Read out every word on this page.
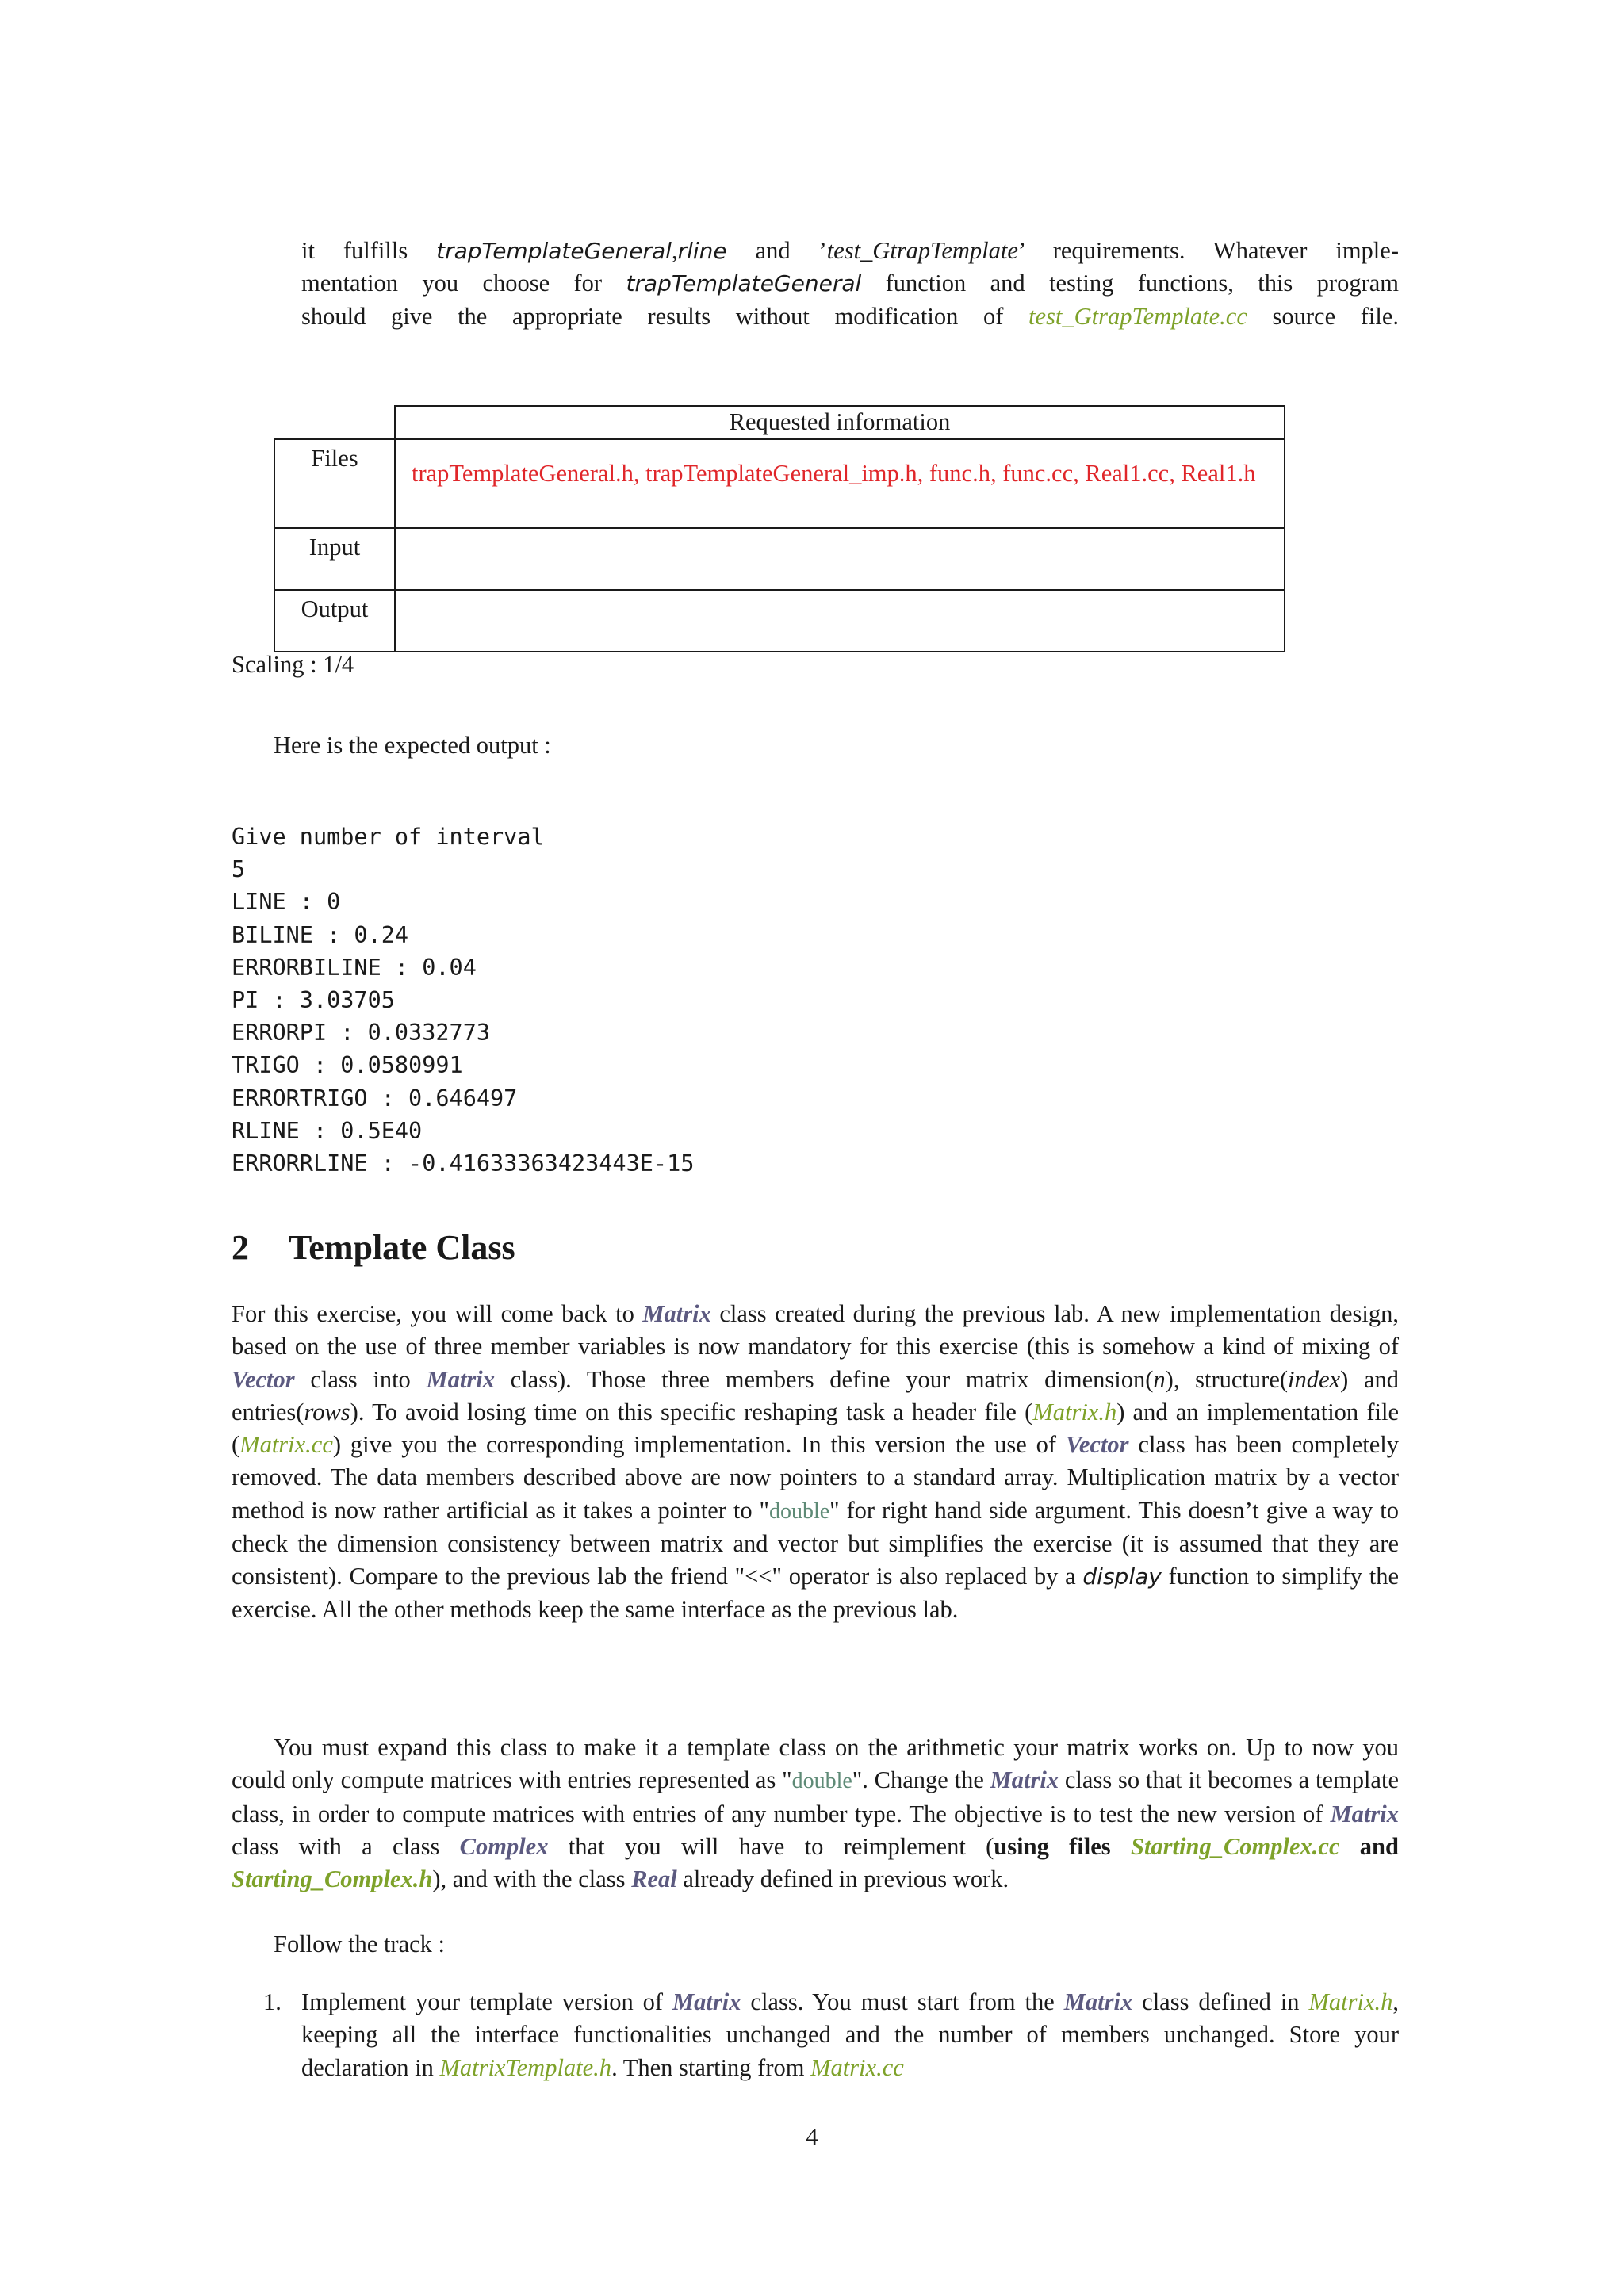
it fulfills trapTemplateGeneral,rline and ’test_GtrapTemplate’ requirements. Whatever imple-
mentation you choose for trapTemplateGeneral function and testing functions, this program
should give the appropriate results without modification of test_GtrapTemplate.cc source file.
	Requested information
Files	trapTemplateGeneral.h, trapTemplateGeneral_imp.h, func.h, func.cc, Real1.cc, Real1.h

Input	
Output	
Scaling : 1/4
Here is the expected output :
Give number of interval
5
LINE : 0
BILINE : 0.24
ERRORBILINE : 0.04
PI : 3.03705
ERRORPI : 0.0332773
TRIGO : 0.0580991
ERRORTRIGO : 0.646497
RLINE : 0.5E40
ERRORRLINE : -0.41633363423443E-15
2 Template Class
For this exercise, you will come back to Matrix class created during the previous lab. A new implementation design, based on the use of three member variables is now mandatory for this exercise (this is somehow a kind of mixing of Vector class into Matrix class). Those three members define your matrix dimension(n), structure(index) and entries(rows). To avoid losing time on this specific reshaping task a header file (Matrix.h) and an implementation file (Matrix.cc) give you the corresponding implementation. In this version the use of Vector class has been completely removed. The data members described above are now pointers to a standard array. Multiplication matrix by a vector method is now rather artificial as it takes a pointer to "double" for right hand side argument. This doesn’t give a way to check the dimension consistency between matrix and vector but simplifies the exercise (it is assumed that they are consistent). Compare to the previous lab the friend "<<" operator is also replaced by a display function to simplify the exercise. All the other methods keep the same interface as the previous lab.
You must expand this class to make it a template class on the arithmetic your matrix works on. Up to now you could only compute matrices with entries represented as "double". Change the Matrix class so that it becomes a template class, in order to compute matrices with entries of any number type. The objective is to test the new version of Matrix class with a class Complex that you will have to reimplement (using files Starting_Complex.cc and Starting_Complex.h), and with the class Real already defined in previous work.
Follow the track :
1. Implement your template version of Matrix class. You must start from the Matrix class defined in Matrix.h, keeping all the interface functionalities unchanged and the number of members unchanged. Store your declaration in MatrixTemplate.h. Then starting from Matrix.cc
4
